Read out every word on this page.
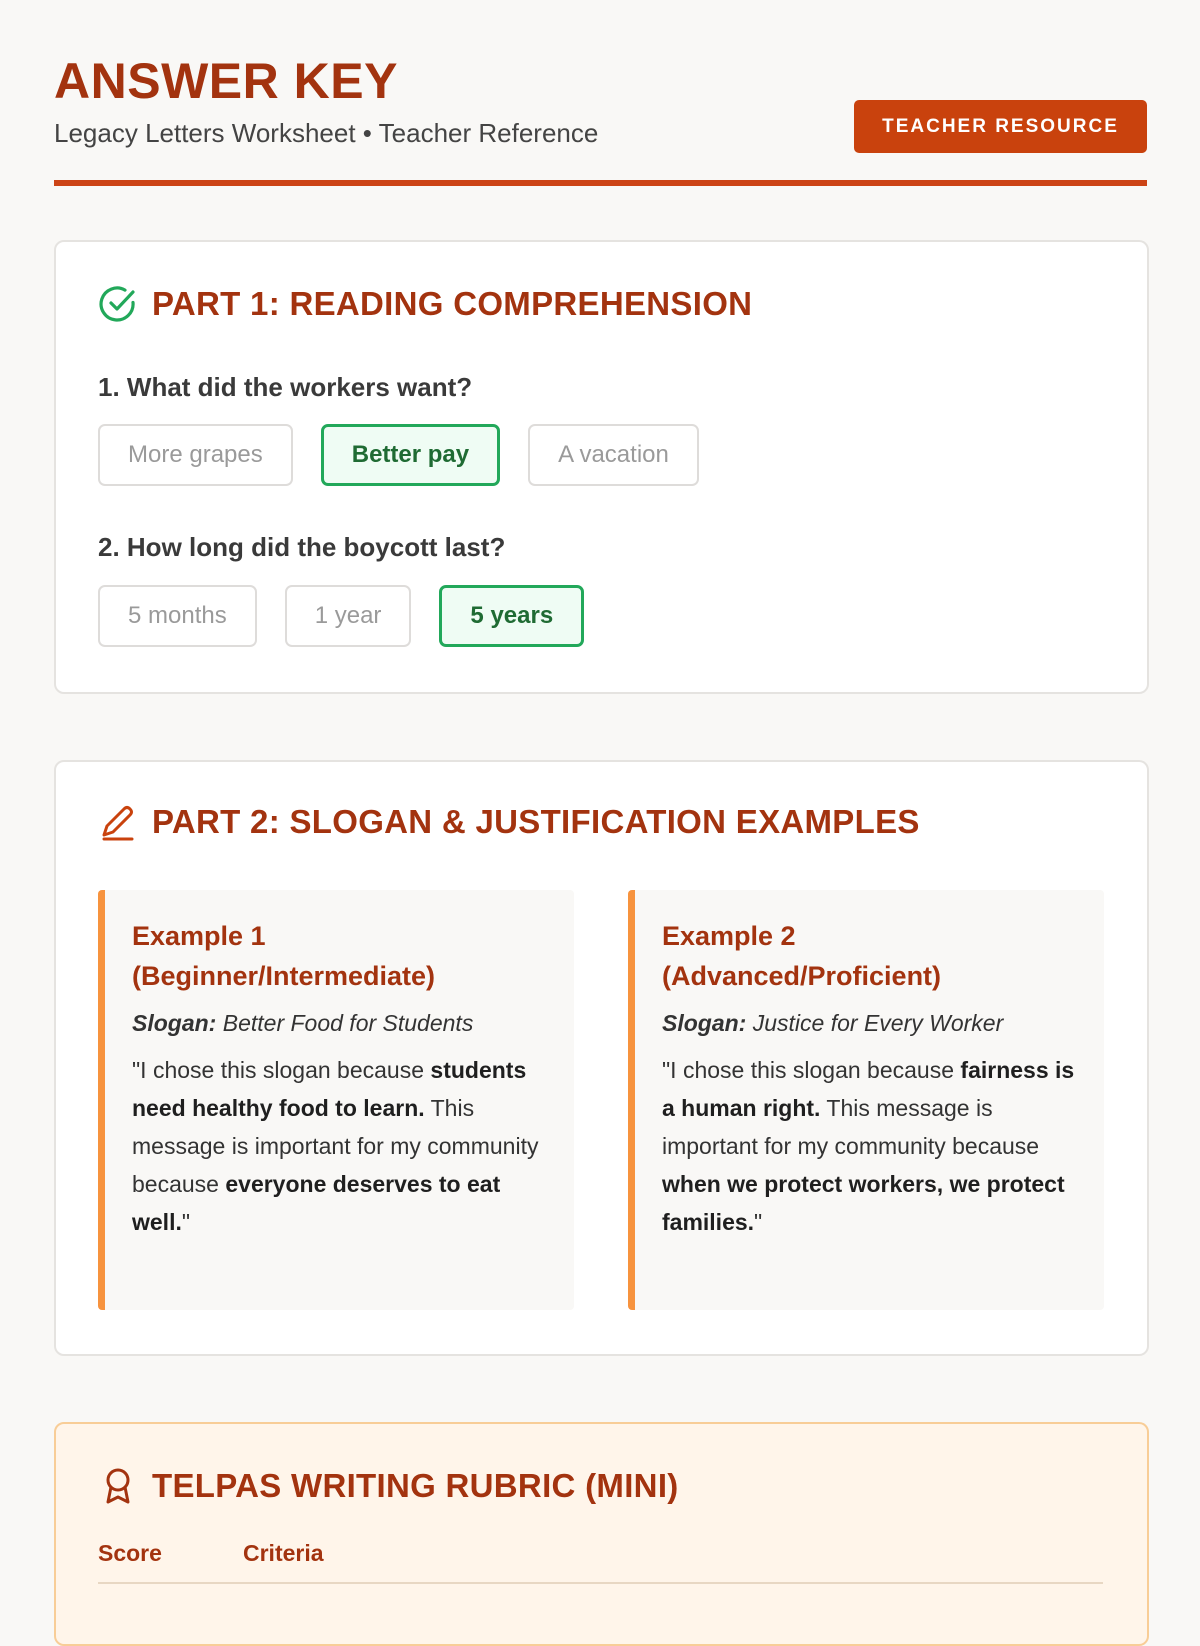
ANSWER KEY
Legacy Letters Worksheet • Teacher Reference	TEACHER RESOURCE
PART 1: READING COMPREHENSION
1. What did the workers want?
More grapes	Better pay	A vacation
2. How long did the boycott last?
5 months	1 year	5 years
PART 2: SLOGAN & JUSTIFICATION EXAMPLES
Example 1 (Beginner/Intermediate)
Slogan: Better Food for Students
"I chose this slogan because students need healthy food to learn. This message is important for my community because everyone deserves to eat well."
Example 2 (Advanced/Proficient)
Slogan: Justice for Every Worker
"I chose this slogan because fairness is a human right. This message is important for my community because when we protect workers, we protect families."
TELPAS WRITING RUBRIC (MINI)
Score	Criteria
